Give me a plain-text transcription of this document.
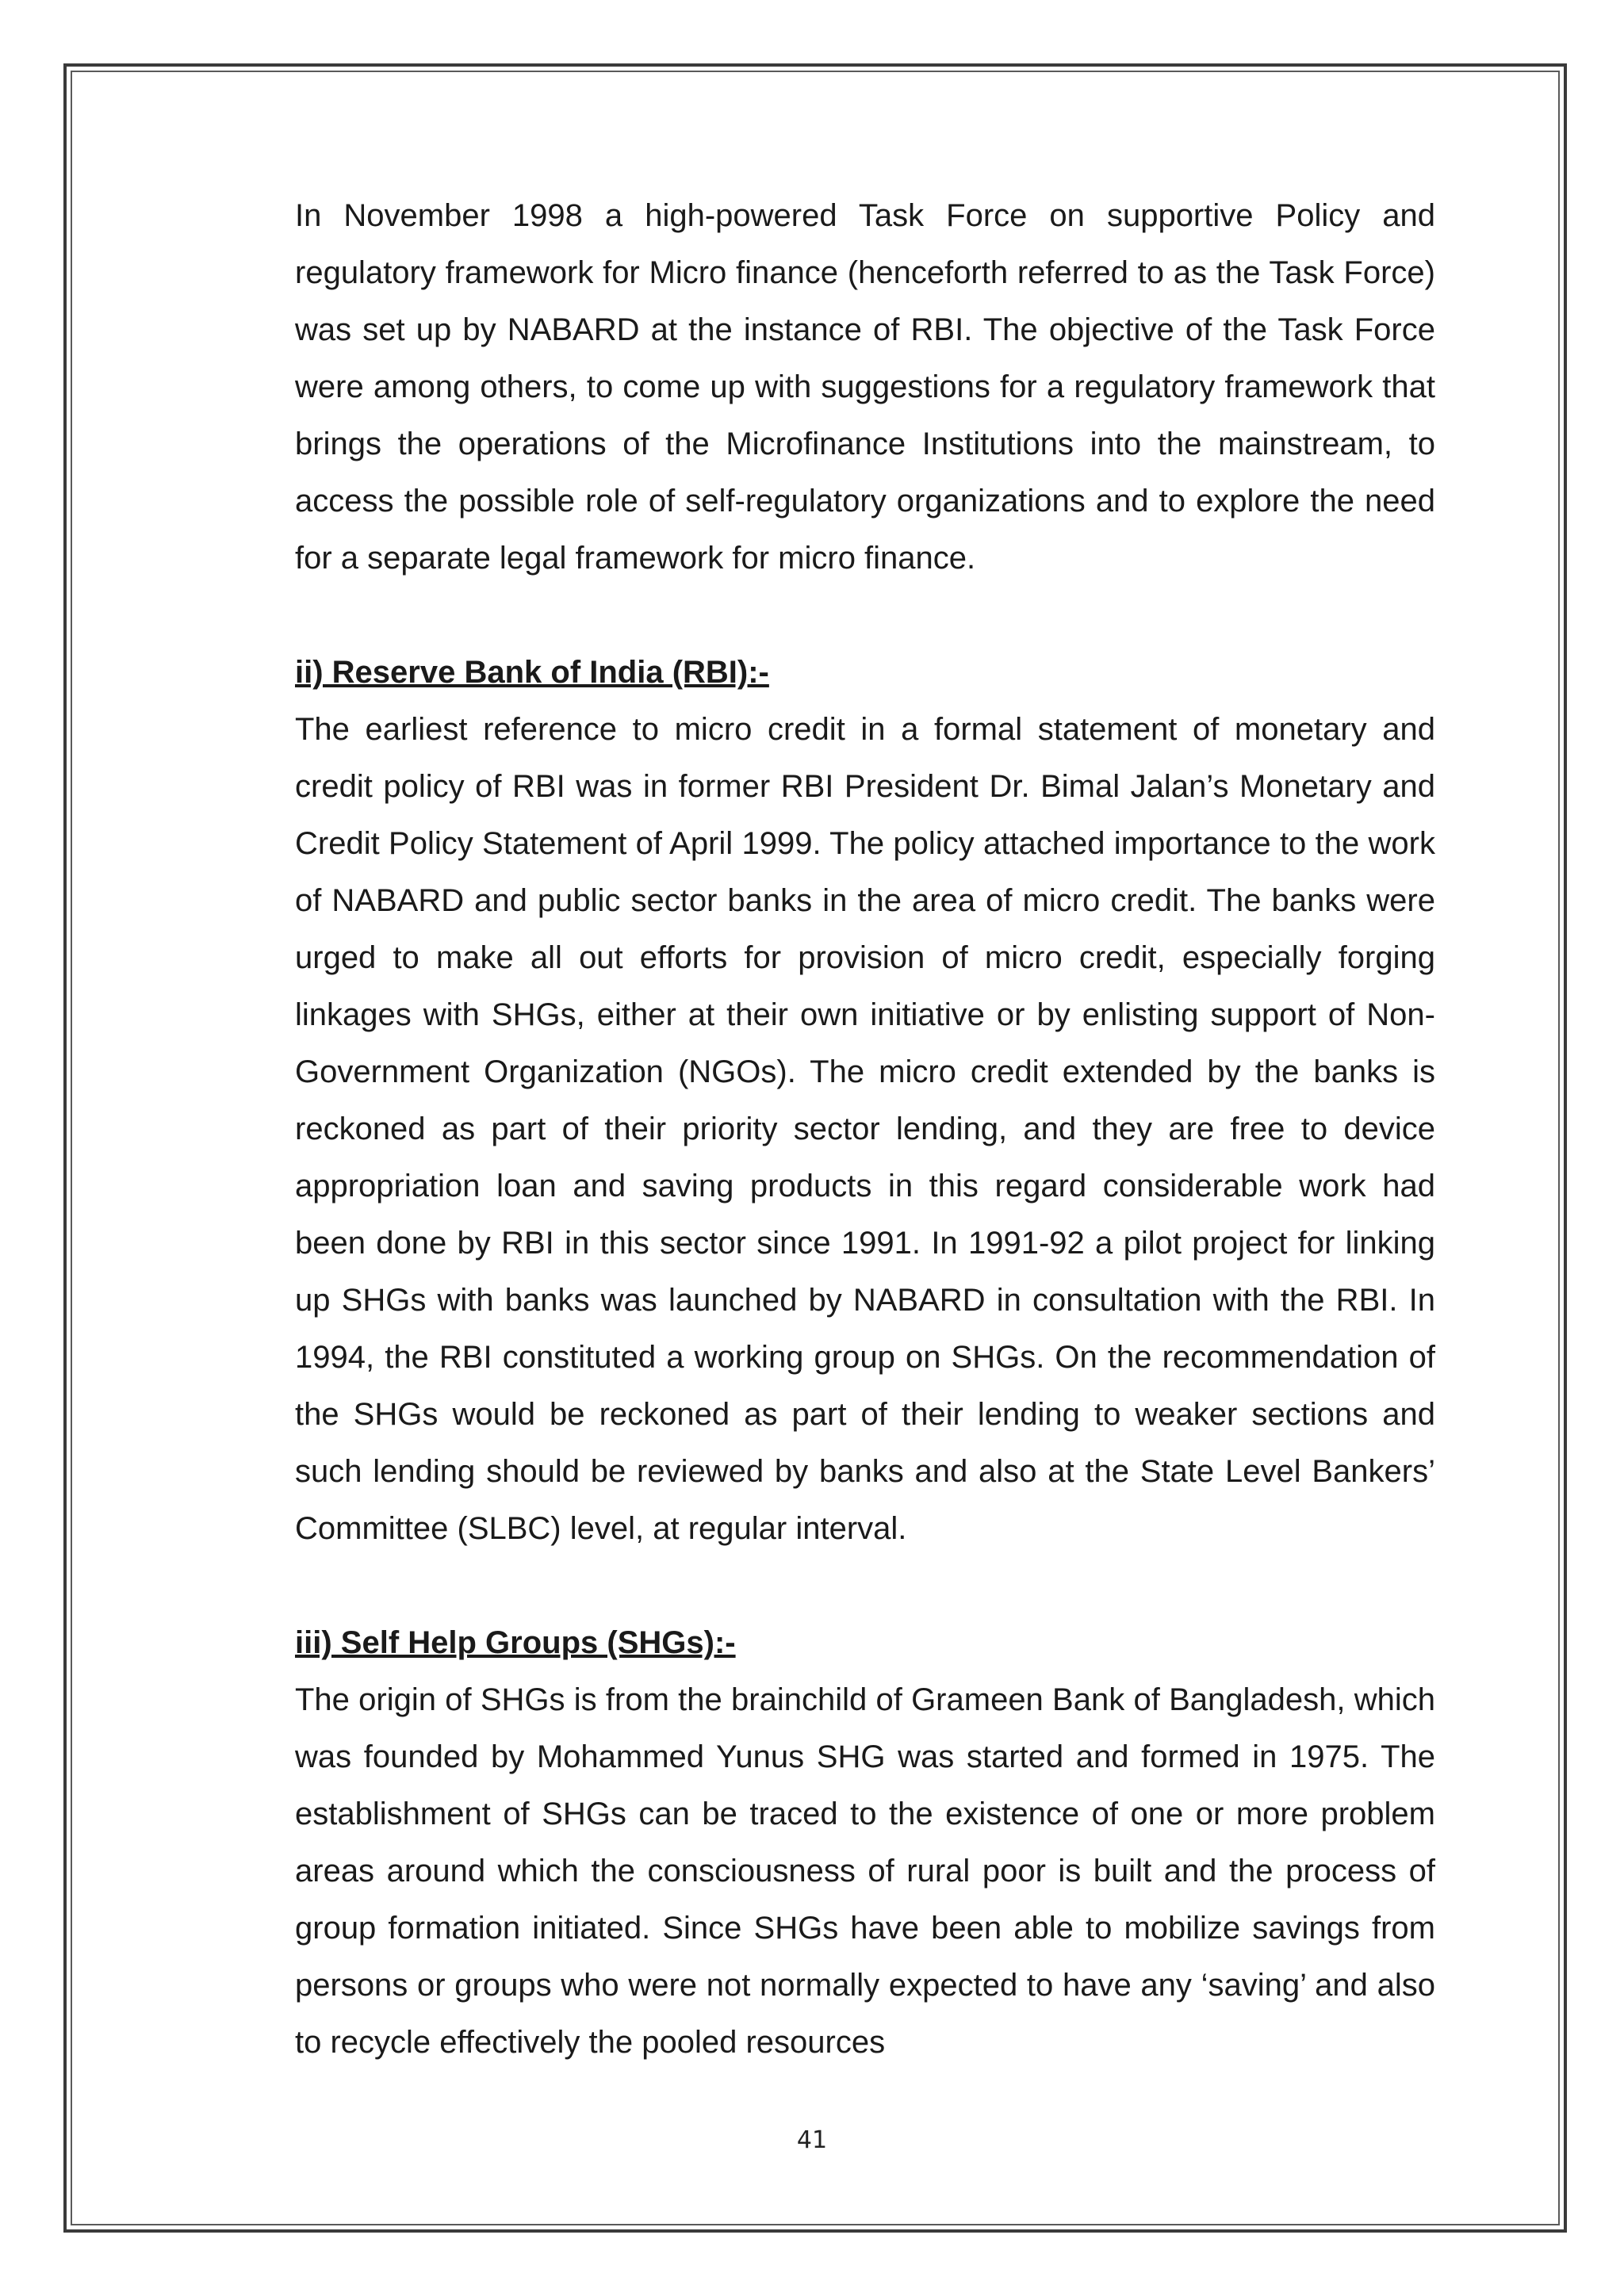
In November 1998 a high-powered Task Force on supportive Policy and regulatory framework for Micro finance (henceforth referred to as the Task Force) was set up by NABARD at the instance of RBI. The objective of the Task Force were among others, to come up with suggestions for a regulatory framework that brings the operations of the Microfinance Institutions into the mainstream, to access the possible role of self-regulatory organizations and to explore the need for a separate legal framework for micro finance.

ii) Reserve Bank of India (RBI):-

The earliest reference to micro credit in a formal statement of monetary and credit policy of RBI was in former RBI President Dr. Bimal Jalan’s Monetary and Credit Policy Statement of April 1999. The policy attached importance to the work of NABARD and public sector banks in the area of micro credit. The banks were urged to make all out efforts for provision of micro credit, especially forging linkages with SHGs, either at their own initiative or by enlisting support of Non- Government Organization (NGOs). The micro credit extended by the banks is reckoned as part of their priority sector lending, and they are free to device appropriation loan and saving products in this regard considerable work had been done by RBI in this sector since 1991. In 1991-92 a pilot project for linking up SHGs with banks was launched by NABARD in consultation with the RBI. In 1994, the RBI constituted a working group on SHGs. On the recommendation of the SHGs would be reckoned as part of their lending to weaker sections and such lending should be reviewed by banks and also at the State Level Bankers’ Committee (SLBC) level, at regular interval.

iii) Self Help Groups (SHGs):-

The origin of SHGs is from the brainchild of Grameen Bank of Bangladesh, which was founded by Mohammed Yunus SHG was started and formed in 1975. The establishment of SHGs can be traced to the existence of one or more problem areas around which the consciousness of rural poor is built and the process of group formation initiated. Since SHGs have been able to mobilize savings from persons or groups who were not normally expected to have any ‘saving’ and also to recycle effectively the pooled resources

41
